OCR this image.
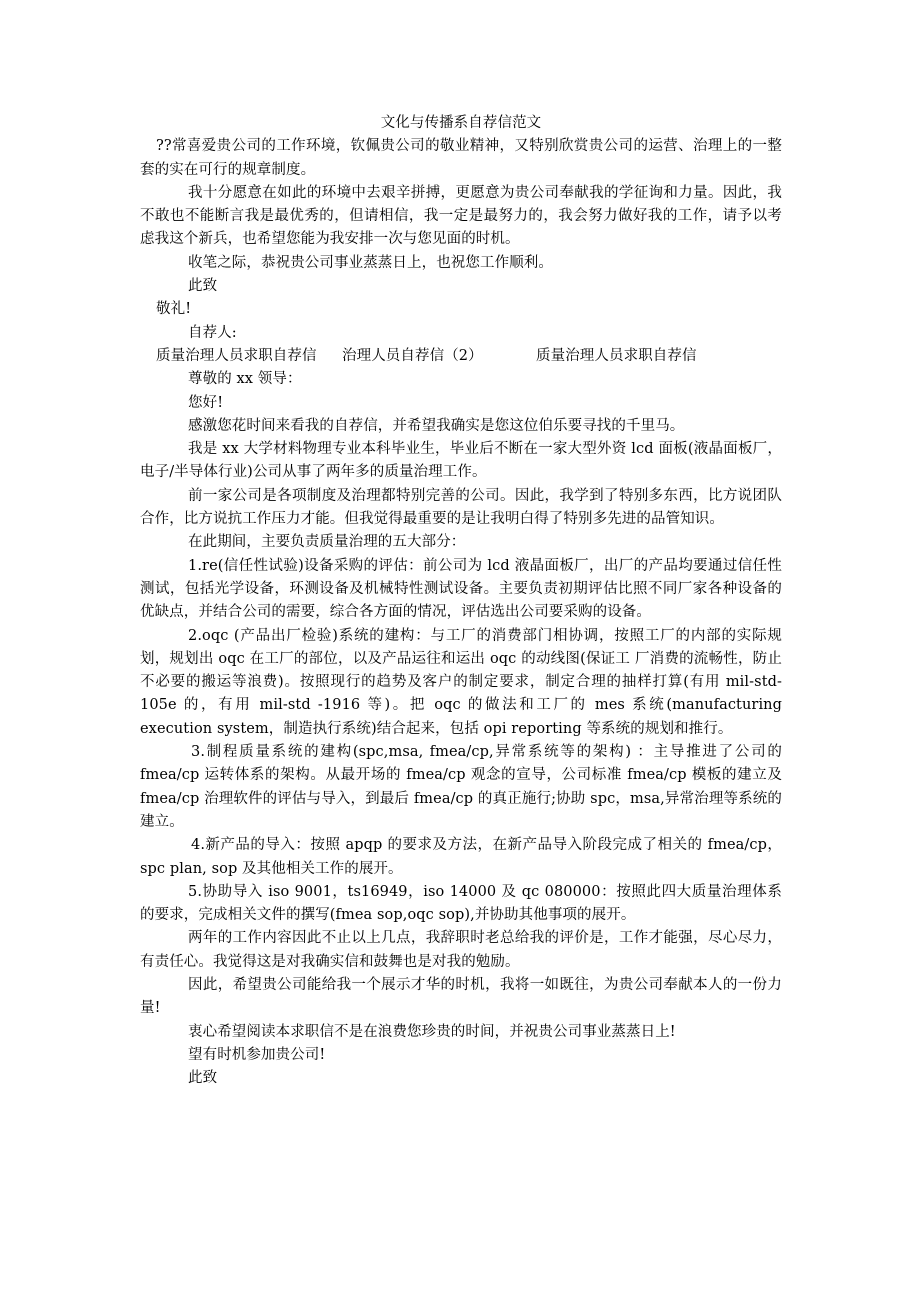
文化与传播系自荐信范文

??常喜爱贵公司的工作环境，钦佩贵公司的敬业精神，又特别欣赏贵公司的运营、治理上的一整套的实在可行的规章制度。

我十分愿意在如此的环境中去艰辛拼搏，更愿意为贵公司奉献我的学征询和力量。因此，我不敢也不能断言我是最优秀的，但请相信，我一定是最努力的，我会努力做好我的工作，请予以考虑我这个新兵，也希望您能为我安排一次与您见面的时机。

收笔之际，恭祝贵公司事业蒸蒸日上，也祝您工作顺利。

此致

敬礼!

自荐人:

质量治理人员求职自荐信 治理人员自荐信（2）	质量治理人员求职自荐信

尊敬的 xx 领导：

您好!

感激您花时间来看我的自荐信，并希望我确实是您这位伯乐要寻找的千里马。

我是 xx 大学材料物理专业本科毕业生，毕业后不断在一家大型外资 lcd 面板(液晶面板厂，电子/半导体行业)公司从事了两年多的质量治理工作。

前一家公司是各项制度及治理都特别完善的公司。因此，我学到了特别多东西，比方说团队合作，比方说抗工作压力才能。但我觉得最重要的是让我明白得了特别多先进的品管知识。

在此期间，主要负责质量治理的五大部分：

1.re(信任性试验)设备采购的评估：前公司为 lcd 液晶面板厂，出厂的产品均要通过信任性测试，包括光学设备，环测设备及机械特性测试设备。主要负责初期评估比照不同厂家各种设备的优缺点，并结合公司的需要，综合各方面的情况，评估选出公司要采购的设备。

2.oqc (产品出厂检验)系统的建构：与工厂的消费部门相协调，按照工厂的内部的实际规划，规划出 oqc 在工厂的部位，以及产品运往和运出 oqc 的动线图(保证工 厂消费的流畅性，防止不必要的搬运等浪费)。按照现行的趋势及客户的制定要求，制定合理的抽样打算(有用 mil-std-105e 的，有用 mil-std -1916 等)。把 oqc 的做法和工厂的 mes 系统(manufacturing execution system，制造执行系统)结合起来，包括 opi reporting 等系统的规划和推行。

3.制程质量系统的建构(spc,msa, fmea/cp,异常系统等的架构) ：主导推进了公司的 fmea/cp 运转体系的架构。从最开场的 fmea/cp 观念的宣导，公司标准 fmea/cp 模板的建立及 fmea/cp 治理软件的评估与导入，到最后 fmea/cp 的真正施行;协助 spc，msa,异常治理等系统的建立。

4.新产品的导入：按照 apqp 的要求及方法，在新产品导入阶段完成了相关的 fmea/cp，spc plan, sop 及其他相关工作的展开。

5.协助导入 iso 9001，ts16949，iso 14000 及 qc 080000：按照此四大质量治理体系的要求，完成相关文件的撰写(fmea sop,oqc sop),并协助其他事项的展开。

两年的工作内容因此不止以上几点，我辞职时老总给我的评价是，工作才能强，尽心尽力，有责任心。我觉得这是对我确实信和鼓舞也是对我的勉励。

因此，希望贵公司能给我一个展示才华的时机，我将一如既往，为贵公司奉献本人的一份力量!

衷心希望阅读本求职信不是在浪费您珍贵的时间，并祝贵公司事业蒸蒸日上!

望有时机参加贵公司!

此致
